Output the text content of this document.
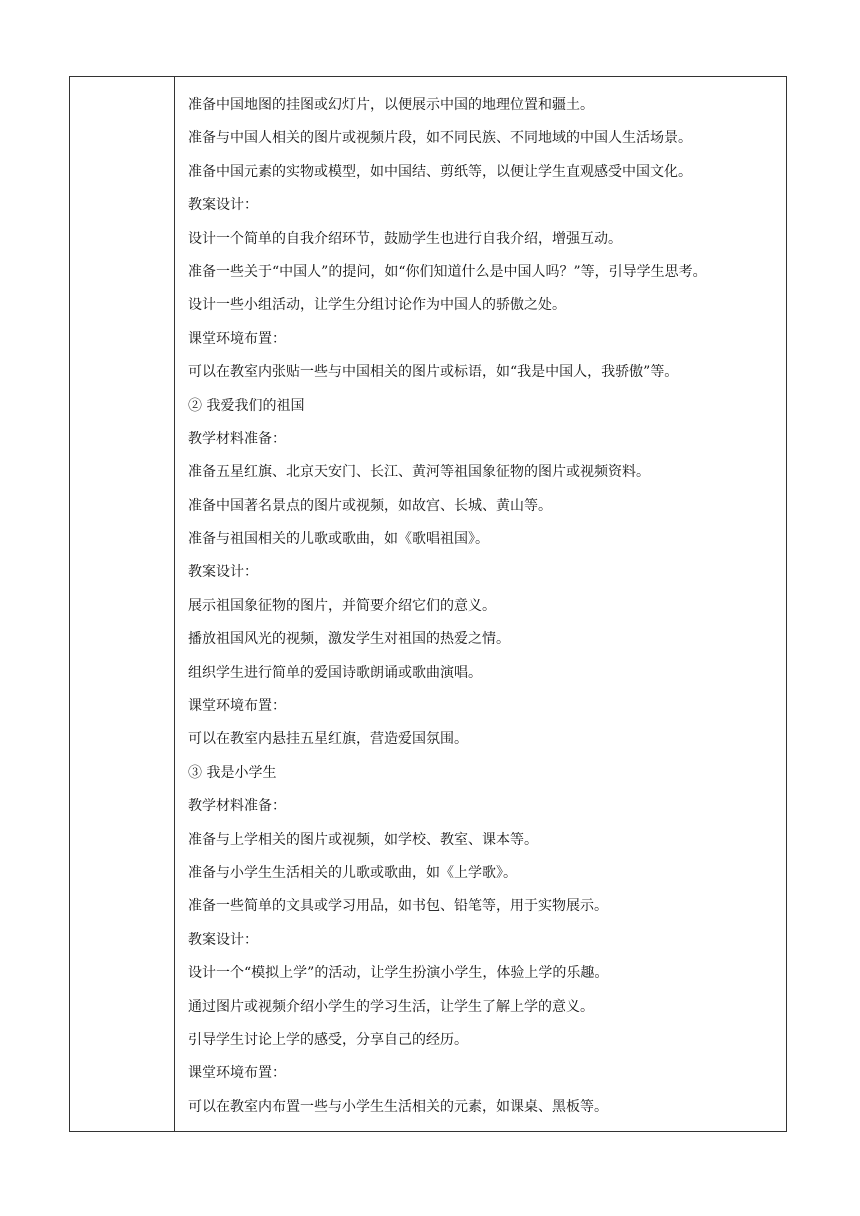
准备中国地图的挂图或幻灯片，以便展示中国的地理位置和疆土。
准备与中国人相关的图片或视频片段，如不同民族、不同地域的中国人生活场景。
准备中国元素的实物或模型，如中国结、剪纸等，以便让学生直观感受中国文化。
教案设计：
设计一个简单的自我介绍环节，鼓励学生也进行自我介绍，增强互动。
准备一些关于“中国人”的提问，如“你们知道什么是中国人吗？”等，引导学生思考。
设计一些小组活动，让学生分组讨论作为中国人的骄傲之处。
课堂环境布置：
可以在教室内张贴一些与中国相关的图片或标语，如“我是中国人，我骄傲”等。
② 我爱我们的祖国
教学材料准备：
准备五星红旗、北京天安门、长江、黄河等祖国象征物的图片或视频资料。
准备中国著名景点的图片或视频，如故宫、长城、黄山等。
准备与祖国相关的儿歌或歌曲，如《歌唱祖国》。
教案设计：
展示祖国象征物的图片，并简要介绍它们的意义。
播放祖国风光的视频，激发学生对祖国的热爱之情。
组织学生进行简单的爱国诗歌朗诵或歌曲演唱。
课堂环境布置：
可以在教室内悬挂五星红旗，营造爱国氛围。
③ 我是小学生
教学材料准备：
准备与上学相关的图片或视频，如学校、教室、课本等。
准备与小学生生活相关的儿歌或歌曲，如《上学歌》。
准备一些简单的文具或学习用品，如书包、铅笔等，用于实物展示。
教案设计：
设计一个“模拟上学”的活动，让学生扮演小学生，体验上学的乐趣。
通过图片或视频介绍小学生的学习生活，让学生了解上学的意义。
引导学生讨论上学的感受，分享自己的经历。
课堂环境布置：
可以在教室内布置一些与小学生生活相关的元素，如课桌、黑板等。
